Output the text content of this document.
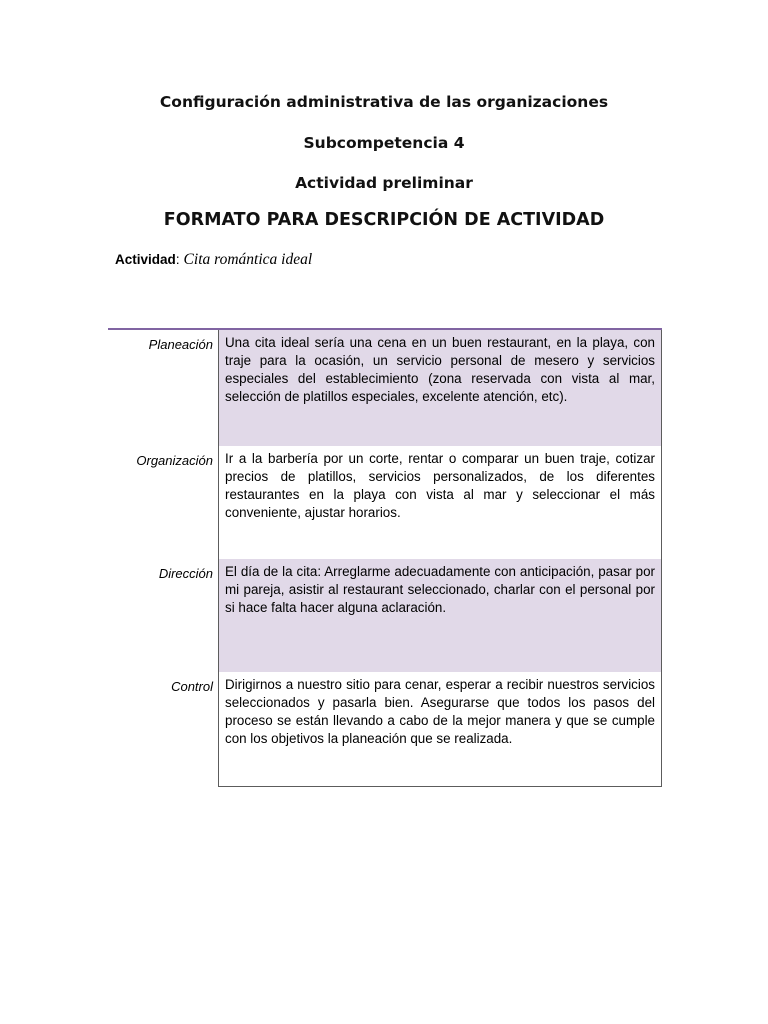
Configuración administrativa de las organizaciones
Subcompetencia 4
Actividad preliminar
FORMATO PARA DESCRIPCIÓN DE ACTIVIDAD
Actividad: Cita romántica ideal
Planeación Una cita ideal sería una cena en un buen restaurant, en la playa, con traje para la ocasión, un servicio personal de mesero y servicios especiales del establecimiento (zona reservada con vista al mar, selección de platillos especiales, excelente atención, etc).
Organización Ir a la barbería por un corte, rentar o comparar un buen traje, cotizar precios de platillos, servicios personalizados, de los diferentes restaurantes en la playa con vista al mar y seleccionar el más conveniente, ajustar horarios.
Dirección El día de la cita: Arreglarme adecuadamente con anticipación, pasar por mi pareja, asistir al restaurant seleccionado, charlar con el personal por si hace falta hacer alguna aclaración.
Control Dirigirnos a nuestro sitio para cenar, esperar a recibir nuestros servicios seleccionados y pasarla bien. Asegurarse que todos los pasos del proceso se están llevando a cabo de la mejor manera y que se cumple con los objetivos la planeación que se realizada.
